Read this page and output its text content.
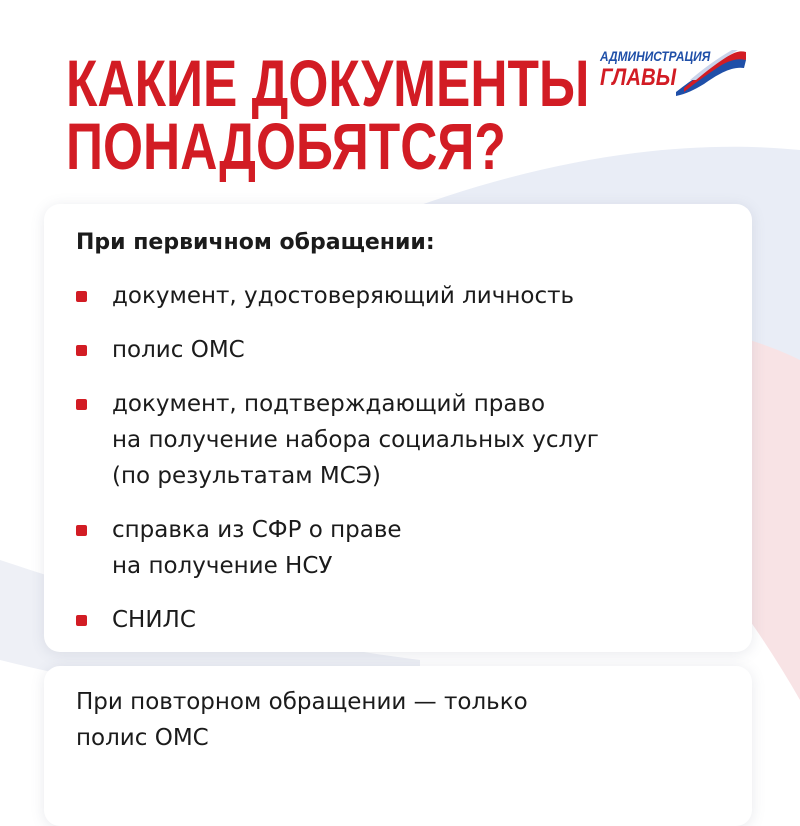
КАКИЕ ДОКУМЕНТЫ
ПОНАДОБЯТСЯ?
АДМИНИСТРАЦИЯ
ГЛАВЫ
При первичном обращении:
документ, удостоверяющий личность
полис ОМС
документ, подтверждающий право
на получение набора социальных услуг
(по результатам МСЭ)
справка из СФР о праве
на получение НСУ
СНИЛС
При повторном обращении — только
полис ОМС
